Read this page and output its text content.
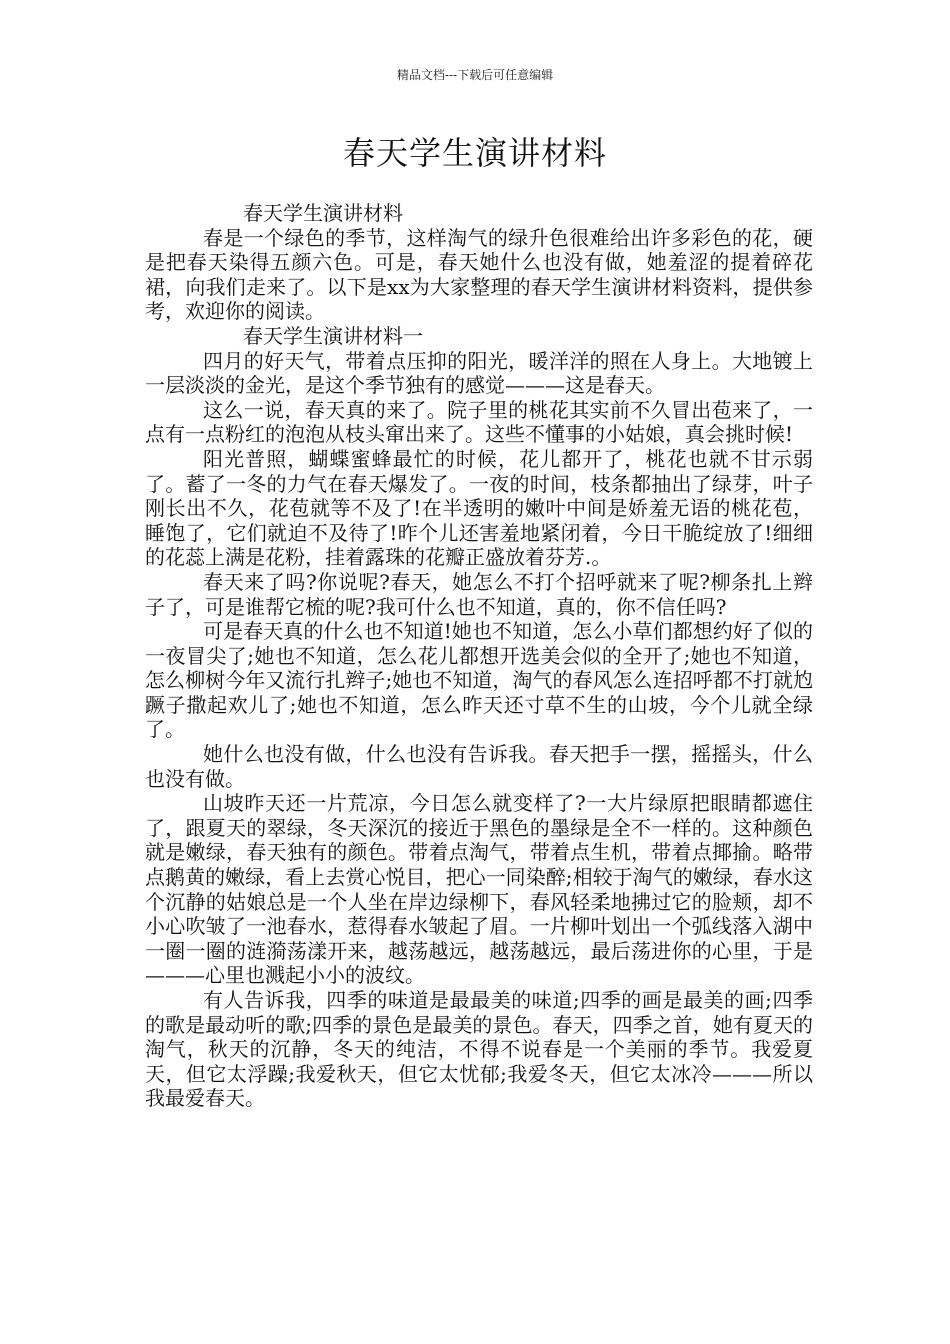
精品文档---下载后可任意编辑
春天学生演讲材料

春天学生演讲材料

春是一个绿色的季节，这样淘气的绿升色很难给出许多彩色的花，硬是把春天染得五颜六色。可是，春天她什么也没有做，她羞涩的提着碎花裙，向我们走来了。以下是xx为大家整理的春天学生演讲材料资料，提供参考，欢迎你的阅读。

春天学生演讲材料一

四月的好天气，带着点压抑的阳光，暖洋洋的照在人身上。大地镀上一层淡淡的金光，是这个季节独有的感觉———这是春天。

这么一说，春天真的来了。院子里的桃花其实前不久冒出苞来了，一点有一点粉红的泡泡从枝头窜出来了。这些不懂事的小姑娘，真会挑时候!

阳光普照，蝴蝶蜜蜂最忙的时候，花儿都开了，桃花也就不甘示弱了。蓄了一冬的力气在春天爆发了。一夜的时间，枝条都抽出了绿芽，叶子刚长出不久，花苞就等不及了!在半透明的嫩叶中间是娇羞无语的桃花苞，睡饱了，它们就迫不及待了!昨个儿还害羞地紧闭着，今日干脆绽放了!细细的花蕊上满是花粉，挂着露珠的花瓣正盛放着芬芳.。

春天来了吗?你说呢?春天，她怎么不打个招呼就来了呢?柳条扎上辫子了，可是谁帮它梳的呢?我可什么也不知道，真的，你不信任吗?

可是春天真的什么也不知道!她也不知道，怎么小草们都想约好了似的一夜冒尖了;她也不知道，怎么花儿都想开选美会似的全开了;她也不知道，怎么柳树今年又流行扎辫子;她也不知道，淘气的春风怎么连招呼都不打就尥蹶子撒起欢儿了;她也不知道，怎么昨天还寸草不生的山坡，今个儿就全绿了。

她什么也没有做，什么也没有告诉我。春天把手一摆，摇摇头，什么也没有做。

山坡昨天还一片荒凉，今日怎么就变样了?一大片绿原把眼睛都遮住了，跟夏天的翠绿，冬天深沉的接近于黑色的墨绿是全不一样的。这种颜色就是嫩绿，春天独有的颜色。带着点淘气，带着点生机，带着点揶揄。略带点鹅黄的嫩绿，看上去赏心悦目，把心一同染醉;相较于淘气的嫩绿，春水这个沉静的姑娘总是一个人坐在岸边绿柳下，春风轻柔地拂过它的脸颊，却不小心吹皱了一池春水，惹得春水皱起了眉。一片柳叶划出一个弧线落入湖中一圈一圈的涟漪荡漾开来，越荡越远，越荡越远，最后荡进你的心里，于是———心里也溅起小小的波纹。

有人告诉我，四季的味道是最最美的味道;四季的画是最美的画;四季的歌是最动听的歌;四季的景色是最美的景色。春天，四季之首，她有夏天的淘气，秋天的沉静，冬天的纯洁，不得不说春是一个美丽的季节。我爱夏天，但它太浮躁;我爱秋天，但它太忧郁;我爱冬天，但它太冰冷———所以我最爱春天。
